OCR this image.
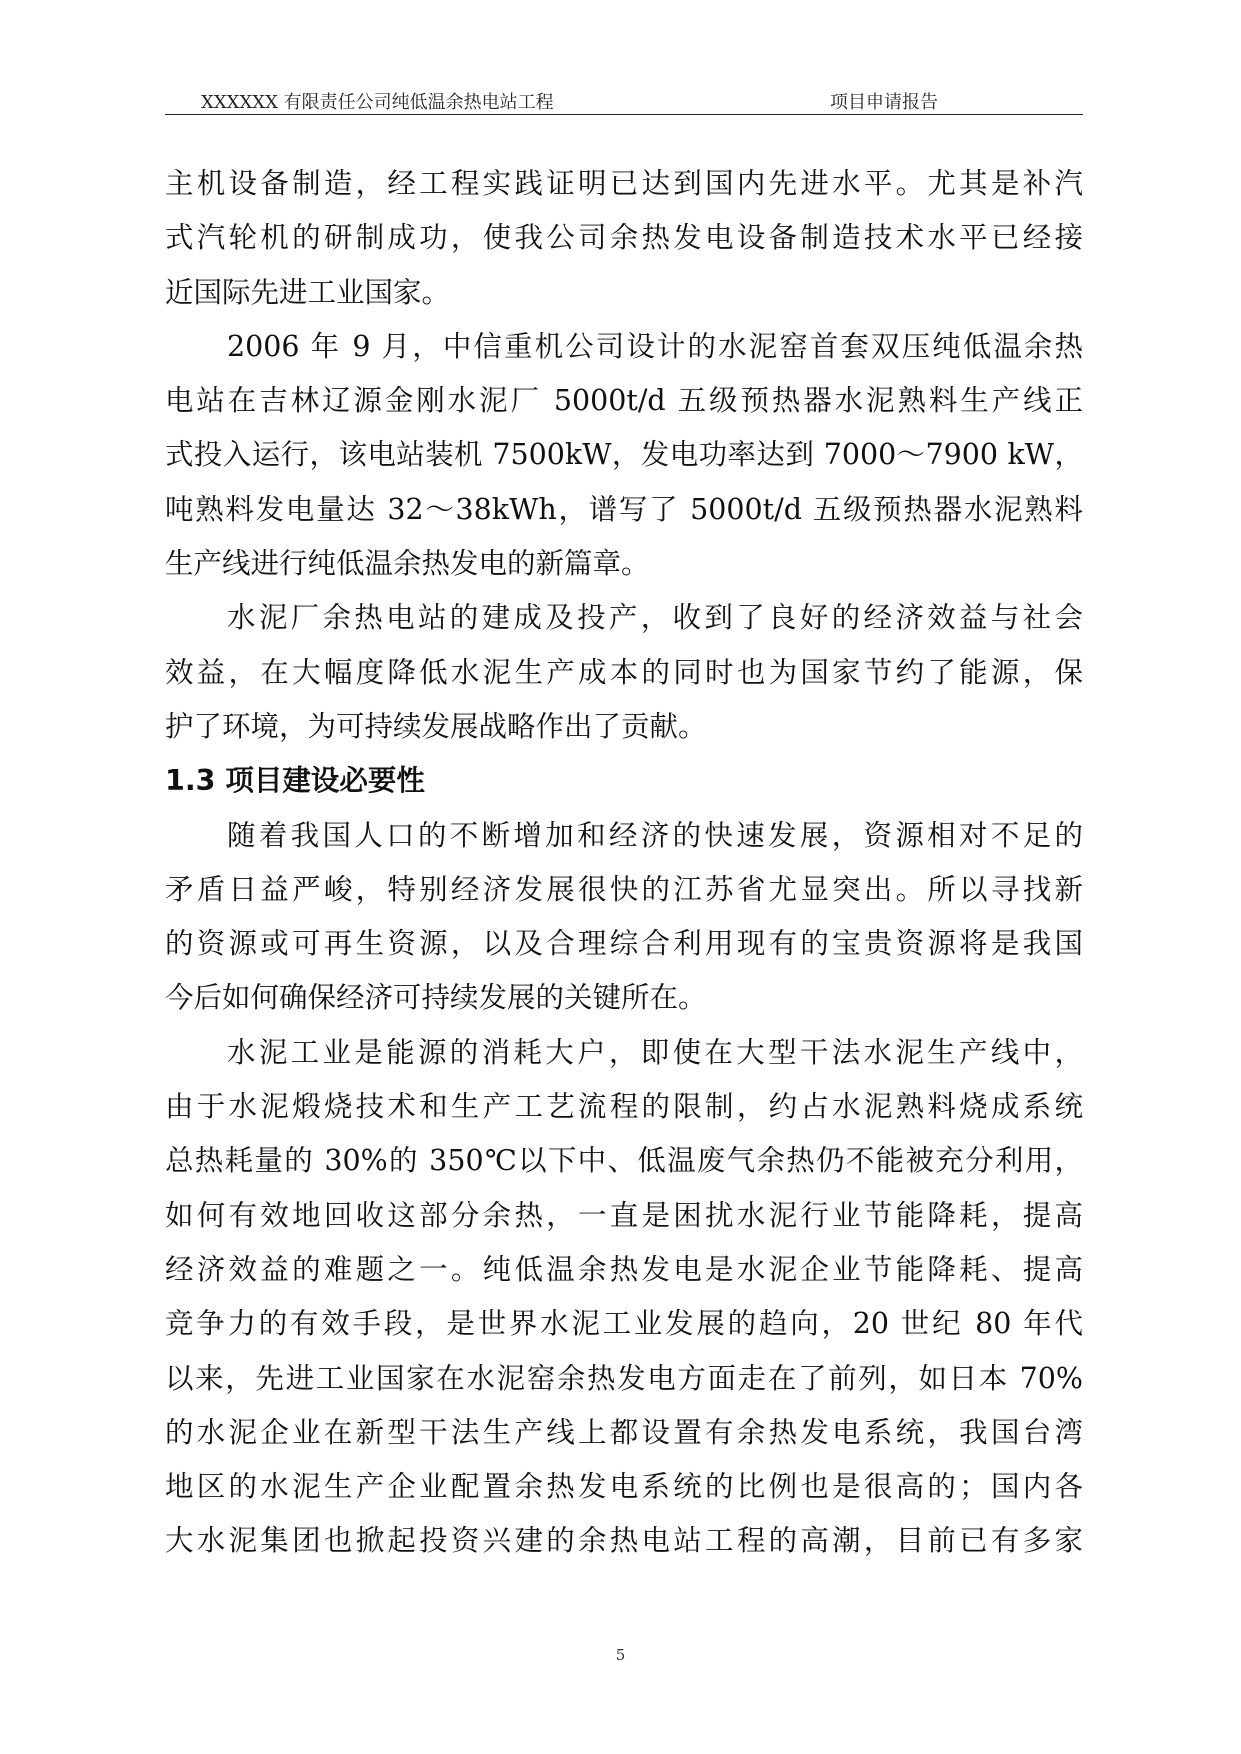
XXXXXX 有限责任公司纯低温余热电站工程	项目申请报告
主机设备制造，经工程实践证明已达到国内先进水平。尤其是补汽
式汽轮机的研制成功，使我公司余热发电设备制造技术水平已经接
近国际先进工业国家。
2006 年 9 月，中信重机公司设计的水泥窑首套双压纯低温余热
电站在吉林辽源金刚水泥厂 5000t/d 五级预热器水泥熟料生产线正
式投入运行，该电站装机 7500kW，发电功率达到 7000～7900 kW，
吨熟料发电量达 32～38kWh，谱写了 5000t/d 五级预热器水泥熟料
生产线进行纯低温余热发电的新篇章。
水泥厂余热电站的建成及投产，收到了良好的经济效益与社会
效益，在大幅度降低水泥生产成本的同时也为国家节约了能源，保
护了环境，为可持续发展战略作出了贡献。
1.3 项目建设必要性
随着我国人口的不断增加和经济的快速发展，资源相对不足的
矛盾日益严峻，特别经济发展很快的江苏省尤显突出。所以寻找新
的资源或可再生资源，以及合理综合利用现有的宝贵资源将是我国
今后如何确保经济可持续发展的关键所在。
水泥工业是能源的消耗大户，即使在大型干法水泥生产线中，
由于水泥煅烧技术和生产工艺流程的限制，约占水泥熟料烧成系统
总热耗量的 30%的 350℃以下中、低温废气余热仍不能被充分利用，
如何有效地回收这部分余热，一直是困扰水泥行业节能降耗，提高
经济效益的难题之一。纯低温余热发电是水泥企业节能降耗、提高
竞争力的有效手段，是世界水泥工业发展的趋向，20 世纪 80 年代
以来，先进工业国家在水泥窑余热发电方面走在了前列，如日本 70%
的水泥企业在新型干法生产线上都设置有余热发电系统，我国台湾
地区的水泥生产企业配置余热发电系统的比例也是很高的；国内各
大水泥集团也掀起投资兴建的余热电站工程的高潮，目前已有多家
5
